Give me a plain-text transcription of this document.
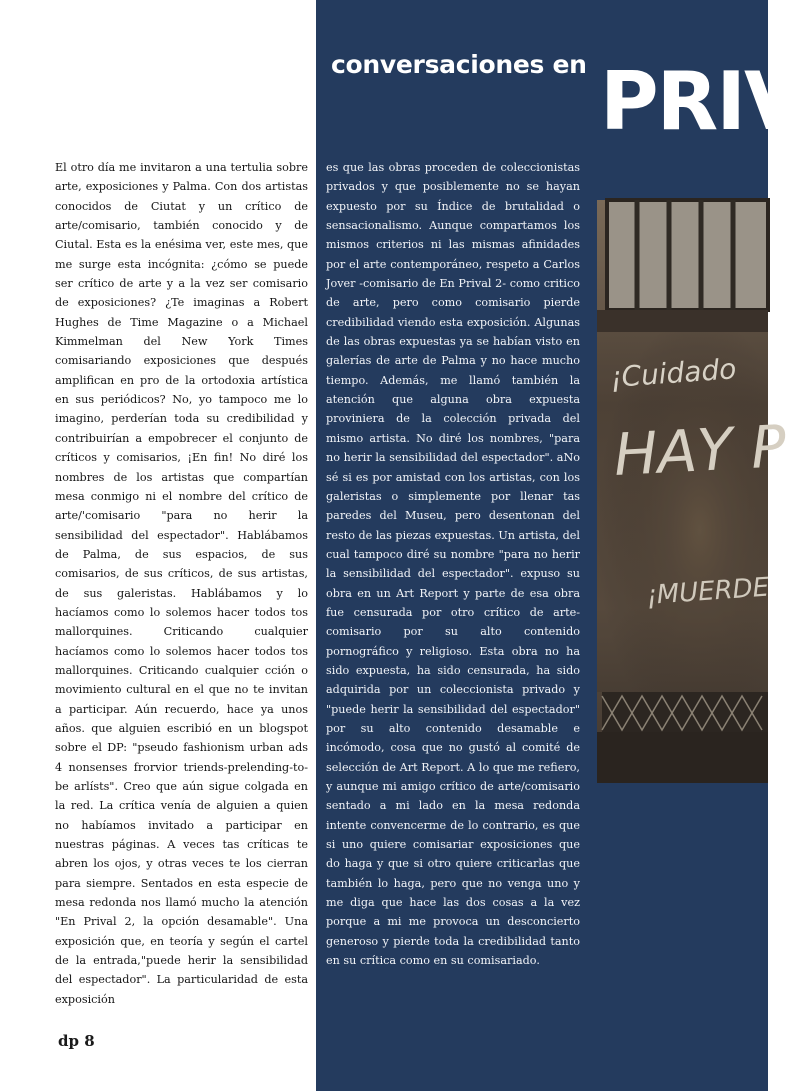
conversaciones en PRIV

El otro día me invitaron a una tertulia sobre arte, exposiciones y Palma. Con dos artistas conocidos de Ciutat y un crítico de arte/comisario, también conocido y de Ciutal. Esta es la enésima ver, este mes, que me surge esta incógnita: ¿cómo se puede ser crítico de arte y a la vez ser comisario de exposiciones? ¿Te imaginas a Robert Hughes de Time Magazine o a Michael Kimmelman del New York Times comisariando exposiciones que después amplifican en pro de la ortodoxia artística en sus periódicos? No, yo tampoco me lo imagino, perderían toda su credibilidad y contribuirían a empobrecer el conjunto de críticos y comisarios, ¡En fin! No diré los nombres de los artistas que compartían mesa conmigo ni el nombre del crítico de arte/'comisario "para no herir la sensibilidad del espectador". Hablábamos de Palma, de sus espacios, de sus comisarios, de sus críticos, de sus artistas, de sus galeristas. Hablábamos y lo hacíamos como lo solemos hacer todos tos mallorquines. Criticando cualquier hacíamos como lo solemos hacer todos tos mallorquines. Criticando cualquier cción o movimiento cultural en el que no te invitan a participar. Aún recuerdo, hace ya unos años. que alguien escribió en un blogspot sobre el DP: "pseudo fashionism urban ads 4 nonsenses frorvior triends-prelending-to-be arlísts". Creo que aún sigue colgada en la red. La crítica venía de alguien a quien no habíamos invitado a participar en nuestras páginas. A veces tas críticas te abren los ojos, y otras veces te los cierran para siempre. Sentados en esta especie de mesa redonda nos llamó mucho la atención "En Prival 2, la opción desamable". Una exposición que, en teoría y según el cartel de la entrada,"puede herir la sensibilidad del espectador". La particularidad de esta exposición

es que las obras proceden de coleccionistas privados y que posiblemente no se hayan expuesto por su Índice de brutalidad o sensacionalismo. Aunque compartamos los mismos criterios ni las mismas afinidades por el arte contemporáneo, respeto a Carlos Jover -comisario de En Prival 2- como critico de arte, pero como comisario pierde credibilidad viendo esta exposición. Algunas de las obras expuestas ya se habían visto en galerías de arte de Palma y no hace mucho tiempo. Además, me llamó también la atención que alguna obra expuesta proviniera de la colección privada del mismo artista. No diré los nombres, "para no herir la sensibilidad del espectador". aNo sé si es por amistad con los artistas, con los galeristas o simplemente por llenar tas paredes del Museu, pero desentonan del resto de las piezas expuestas. Un artista, del cual tampoco diré su nombre "para no herir la sensibilidad del espectador". expuso su obra en un Art Report y parte de esa obra fue censurada por otro crítico de arte-comisario por su alto contenido pornográfico y religioso. Esta obra no ha sido expuesta, ha sido censurada, ha sido adquirida por un coleccionista privado y "puede herir la sensibilidad del espectador" por su alto contenido desamable e incómodo, cosa que no gustó al comité de selección de Art Report. A lo que me refiero, y aunque mi amigo crítico de arte/comisario sentado a mi lado en la mesa redonda intente convencerme de lo contrario, es que si uno quiere comisariar exposiciones que do haga y que si otro quiere criticarlas que también lo haga, pero que no venga uno y me diga que hace las dos cosas a la vez porque a mi me provoca un desconcierto generoso y pierde toda la credibilidad tanto en su crítica como en su comisariado.

¡Cuidado
HAY P
¡MUERDE

dp 8
